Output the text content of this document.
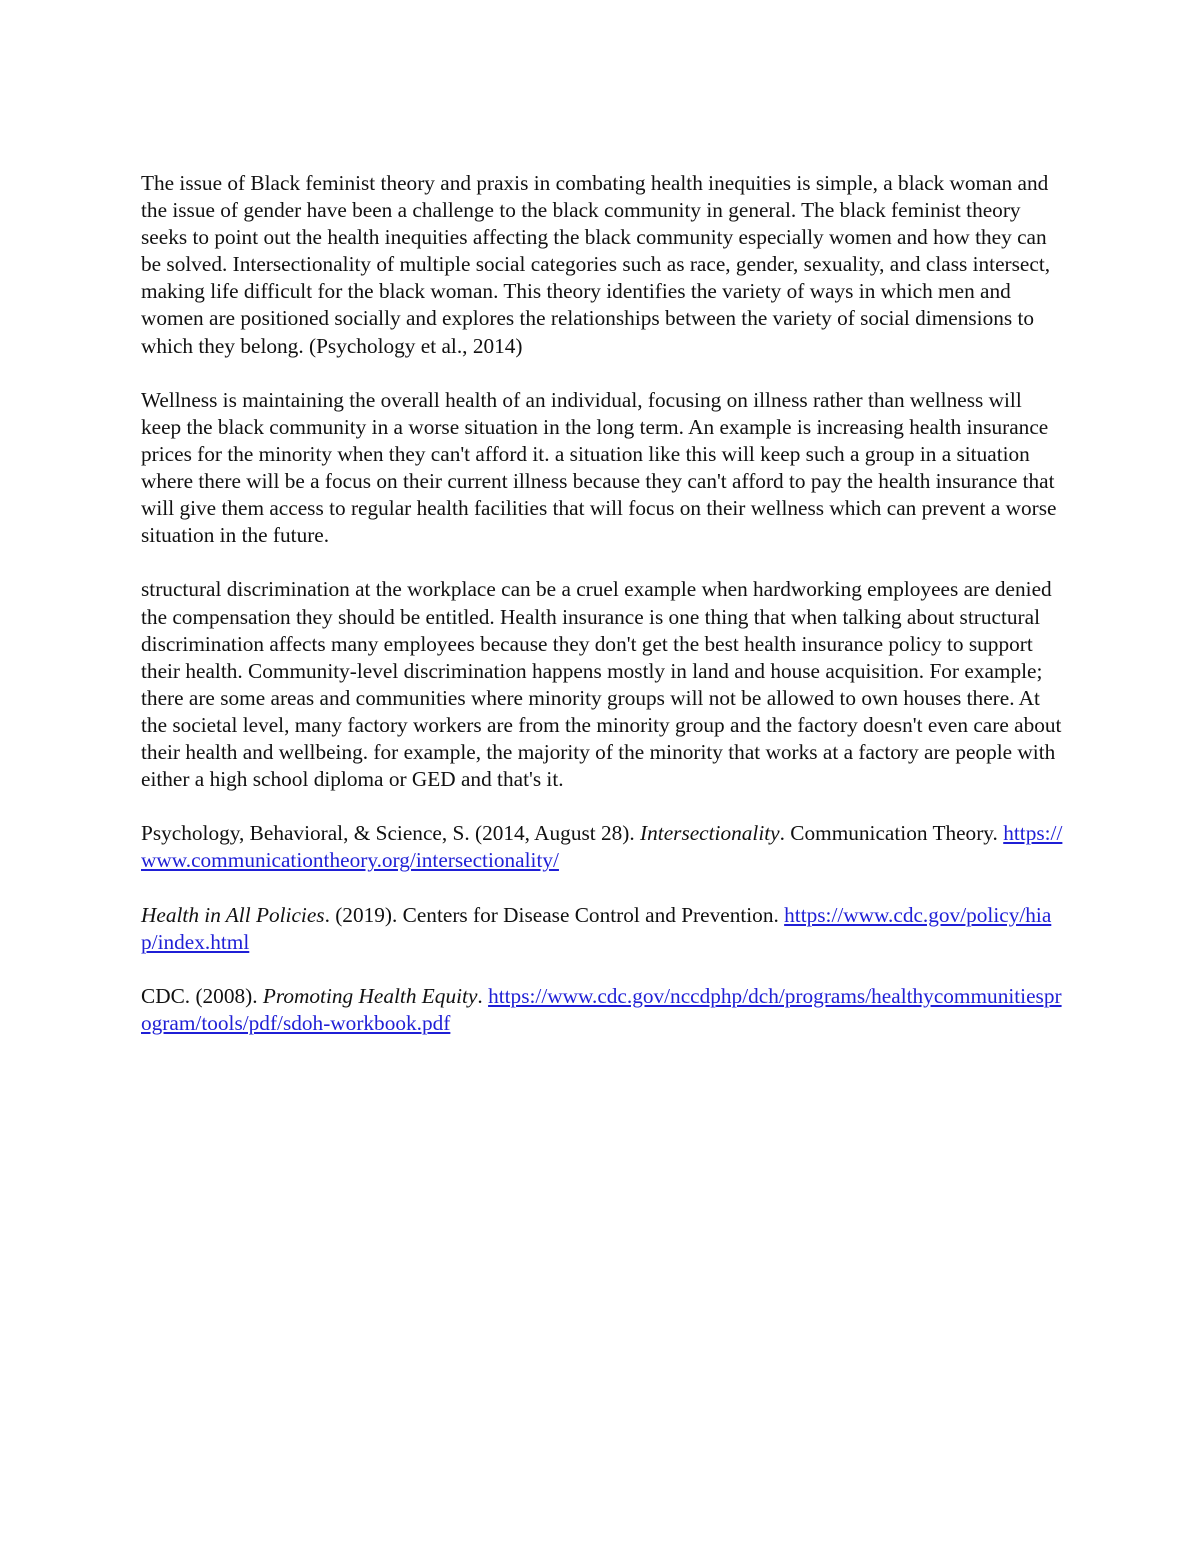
The issue of Black feminist theory and praxis in combating health inequities is simple, a black woman and the issue of gender have been a challenge to the black community in general. The black feminist theory seeks to point out the health inequities affecting the black community especially women and how they can be solved. Intersectionality of multiple social categories such as race, gender, sexuality, and class intersect, making life difficult for the black woman. This theory identifies the variety of ways in which men and women are positioned socially and explores the relationships between the variety of social dimensions to which they belong. (Psychology et al., 2014)

Wellness is maintaining the overall health of an individual, focusing on illness rather than wellness will keep the black community in a worse situation in the long term. An example is increasing health insurance prices for the minority when they can't afford it. a situation like this will keep such a group in a situation where there will be a focus on their current illness because they can't afford to pay the health insurance that will give them access to regular health facilities that will focus on their wellness which can prevent a worse situation in the future.

structural discrimination at the workplace can be a cruel example when hardworking employees are denied the compensation they should be entitled. Health insurance is one thing that when talking about structural discrimination affects many employees because they don't get the best health insurance policy to support their health. Community-level discrimination happens mostly in land and house acquisition. For example; there are some areas and communities where minority groups will not be allowed to own houses there. At the societal level, many factory workers are from the minority group and the factory doesn't even care about their health and wellbeing. for example, the majority of the minority that works at a factory are people with either a high school diploma or GED and that's it.

Psychology, Behavioral, & Science, S. (2014, August 28). Intersectionality. Communication Theory. https://www.communicationtheory.org/intersectionality/

Health in All Policies. (2019). Centers for Disease Control and Prevention. https://www.cdc.gov/policy/hiap/index.html

CDC. (2008). Promoting Health Equity. https://www.cdc.gov/nccdphp/dch/programs/healthycommunitiesprogram/tools/pdf/sdoh-workbook.pdf
